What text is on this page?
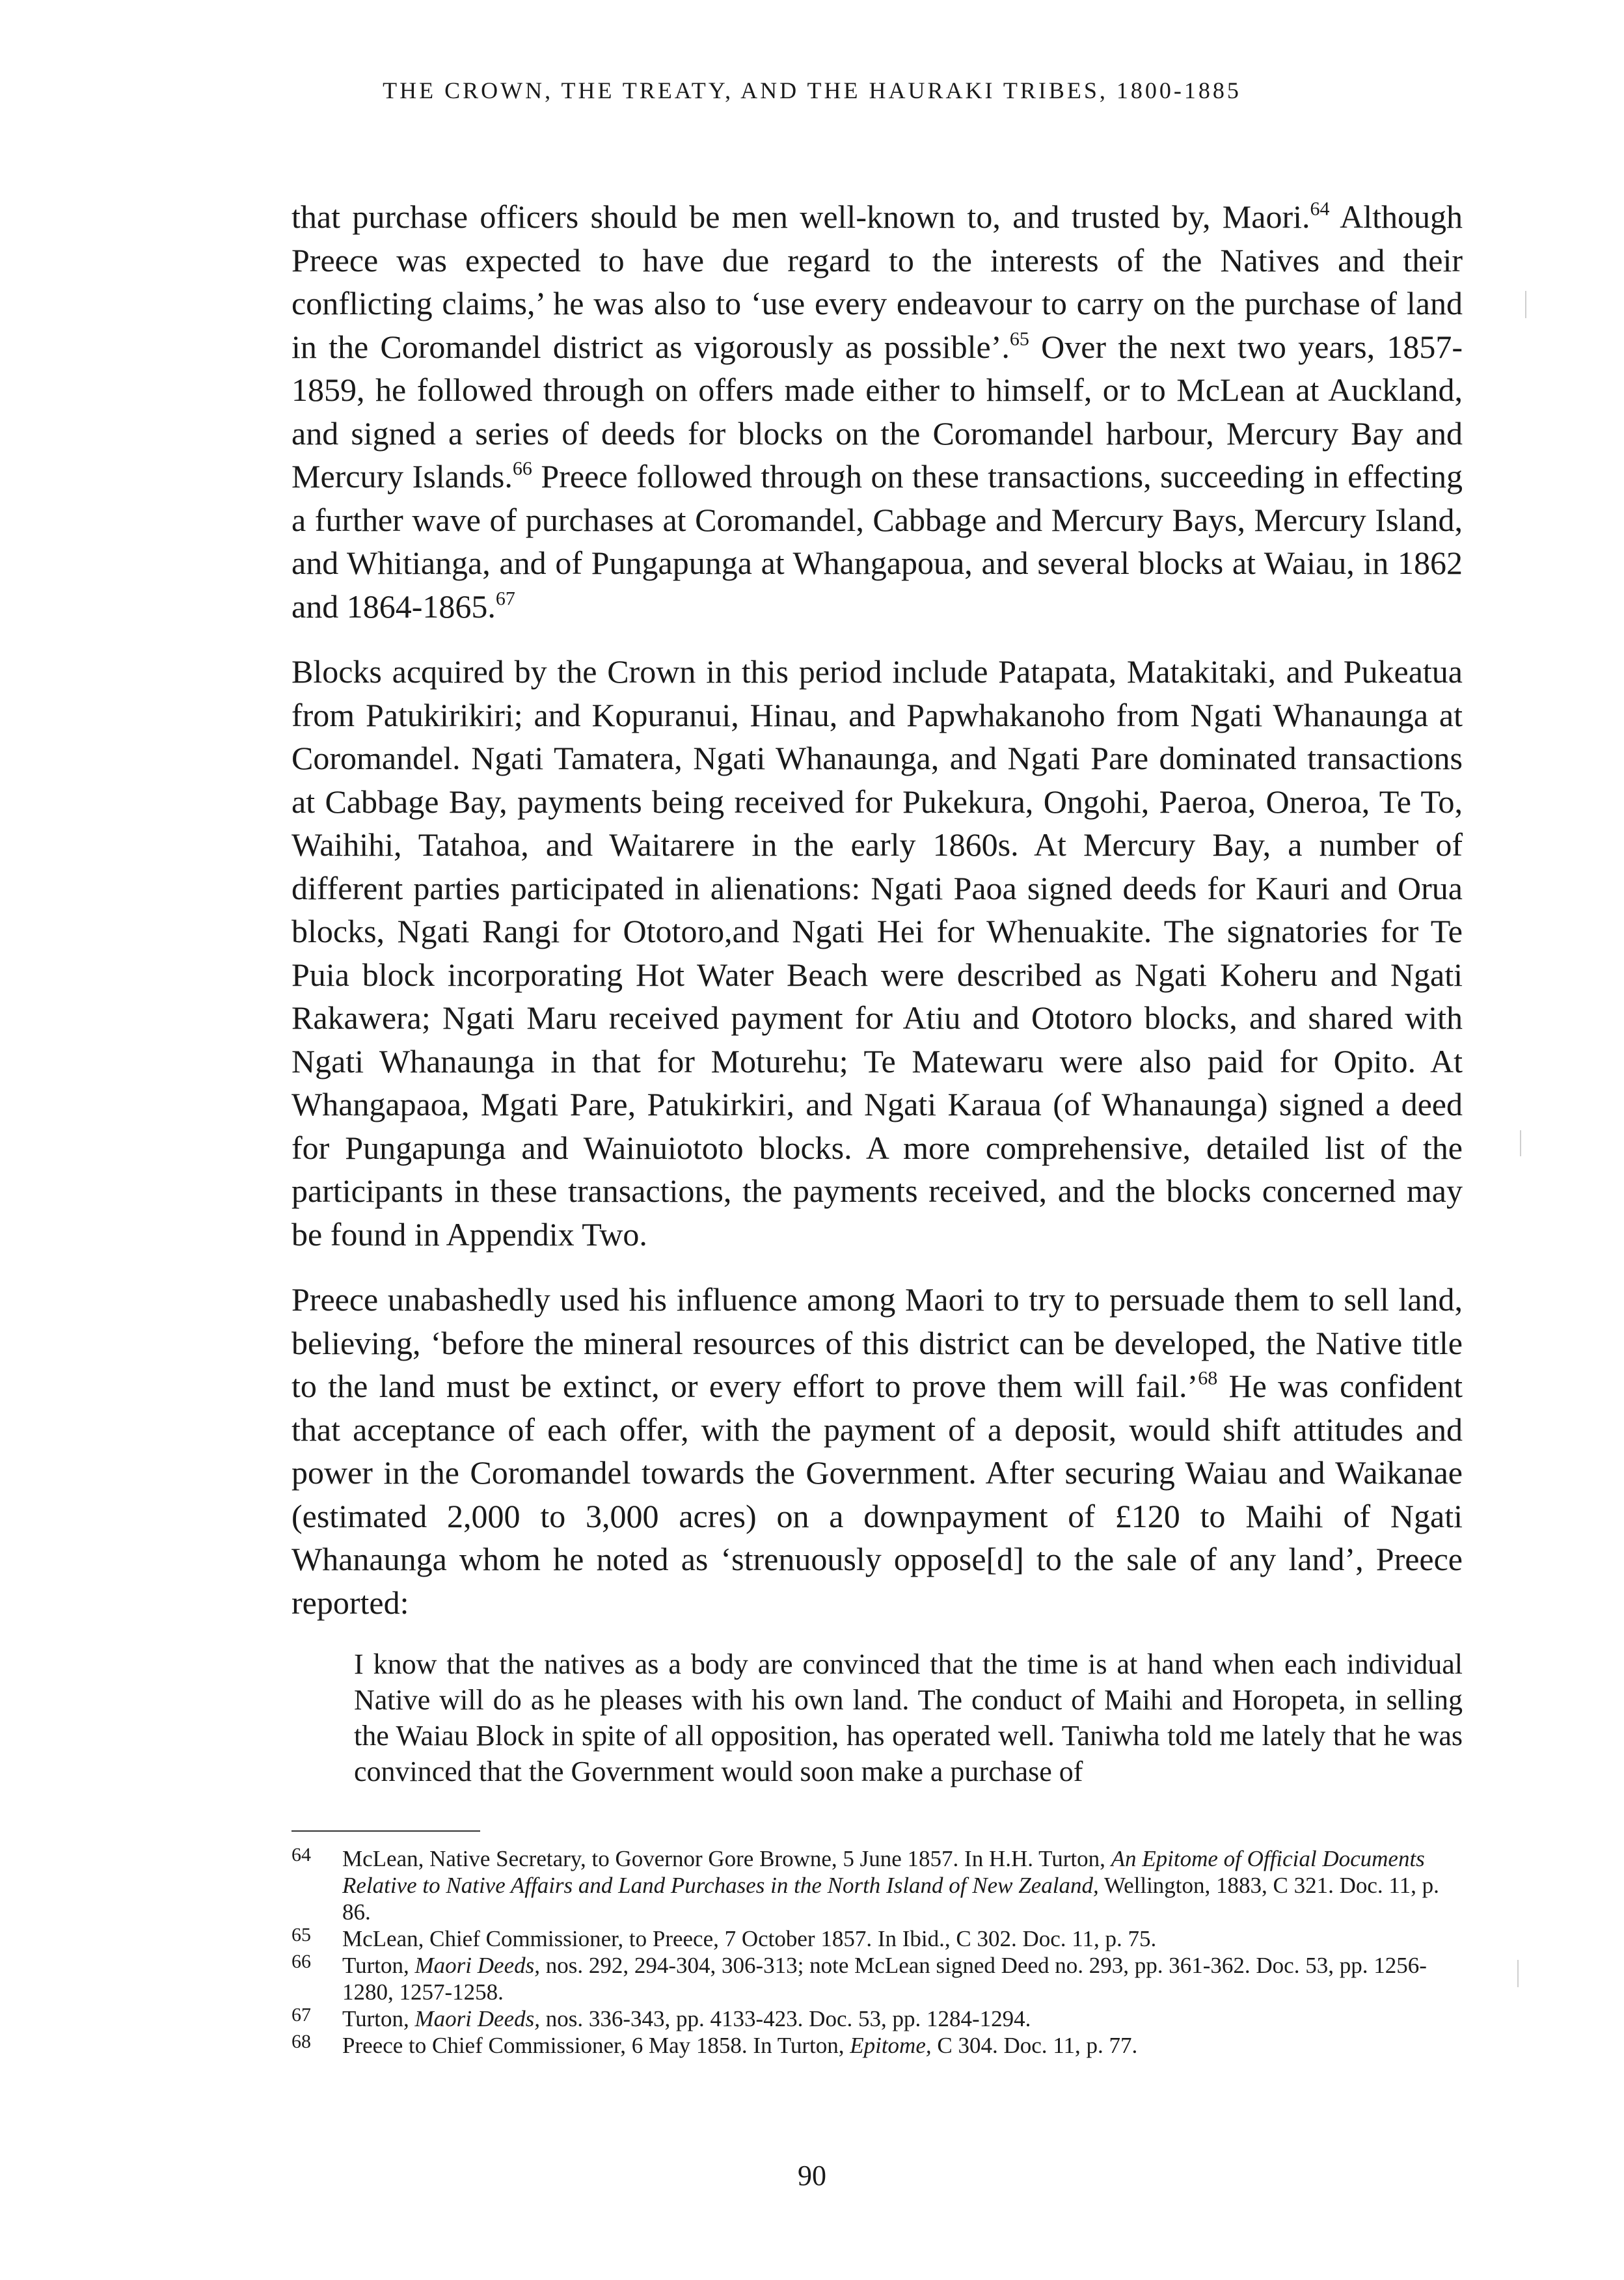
THE CROWN, THE TREATY, AND THE HAURAKI TRIBES, 1800-1885

that purchase officers should be men well-known to, and trusted by, Maori.$^{64}$ Although Preece was expected to have due regard to the interests of the Natives and their conflicting claims,’ he was also to ‘use every endeavour to carry on the purchase of land in the Coromandel district as vigorously as possible’.$^{65}$ Over the next two years, 1857-1859, he followed through on offers made either to himself, or to McLean at Auckland, and signed a series of deeds for blocks on the Coromandel harbour, Mercury Bay and Mercury Islands.$^{66}$ Preece followed through on these transactions, succeeding in effecting a further wave of purchases at Coromandel, Cabbage and Mercury Bays, Mercury Island, and Whitianga, and of Pungapunga at Whangapoua, and several blocks at Waiau, in 1862 and 1864-1865.67

Blocks acquired by the Crown in this period include Patapata, Matakitaki, and Pukeatua from Patukirikiri; and Kopuranui, Hinau, and Papwhakanoho from Ngati Whanaunga at Coromandel. Ngati Tamatera, Ngati Whanaunga, and Ngati Pare dominated transactions at Cabbage Bay, payments being received for Pukekura, Ongohi, Paeroa, Oneroa, Te To, Waihihi, Tatahoa, and Waitarere in the early 1860s. At Mercury Bay, a number of different parties participated in alienations: Ngati Paoa signed deeds for Kauri and Orua blocks, Ngati Rangi for Ototoro,and Ngati Hei for Whenuakite. The signatories for Te Puia block incorporating Hot Water Beach were described as Ngati Koheru and Ngati Rakawera; Ngati Maru received payment for Atiu and Ototoro blocks, and shared with Ngati Whanaunga in that for Moturehu; Te Matewaru were also paid for Opito. At Whangapaoa, Mgati Pare, Patukirkiri, and Ngati Karaua (of Whanaunga) signed a deed for Pungapunga and Wainuiototo blocks. A more comprehensive, detailed list of the participants in these transactions, the payments received, and the blocks concerned may be found in Appendix Two.

Preece unabashedly used his influence among Maori to try to persuade them to sell land, believing, ‘before the mineral resources of this district can be developed, the Native title to the land must be extinct, or every effort to prove them will fail.’$^{68}$ He was confident that acceptance of each offer, with the payment of a deposit, would shift attitudes and power in the Coromandel towards the Government. After securing Waiau and Waikanae (estimated 2,000 to 3,000 acres) on a downpayment of £120 to Maihi of Ngati Whanaunga whom he noted as ‘strenuously oppose[d] to the sale of any land’, Preece reported:

I know that the natives as a body are convinced that the time is at hand when each individual Native will do as he pleases with his own land. The conduct of Maihi and Horopeta, in selling the Waiau Block in spite of all opposition, has operated well. Taniwha told me lately that he was convinced that the Government would soon make a purchase of

64 McLean, Native Secretary, to Governor Gore Browne, 5 June 1857. In H.H. Turton, An Epitome of Official Documents Relative to Native Affairs and Land Purchases in the North Island of New Zealand, Wellington, 1883, C 321. Doc. 11, p. 86.

65 McLean, Chief Commissioner, to Preece, 7 October 1857. In Ibid., C 302. Doc. 11, p. 75.

66 Turton, Maori Deeds, nos. 292, 294-304, 306-313; note McLean signed Deed no. 293, pp. 361-362. Doc. 53, pp. 1256-1280, 1257-1258.

67 Turton, Maori Deeds, nos. 336-343, pp. 4133-423. Doc. 53, pp. 1284-1294.

68 Preece to Chief Commissioner, 6 May 1858. In Turton, Epitome, C 304. Doc. 11, p. 77.

90
